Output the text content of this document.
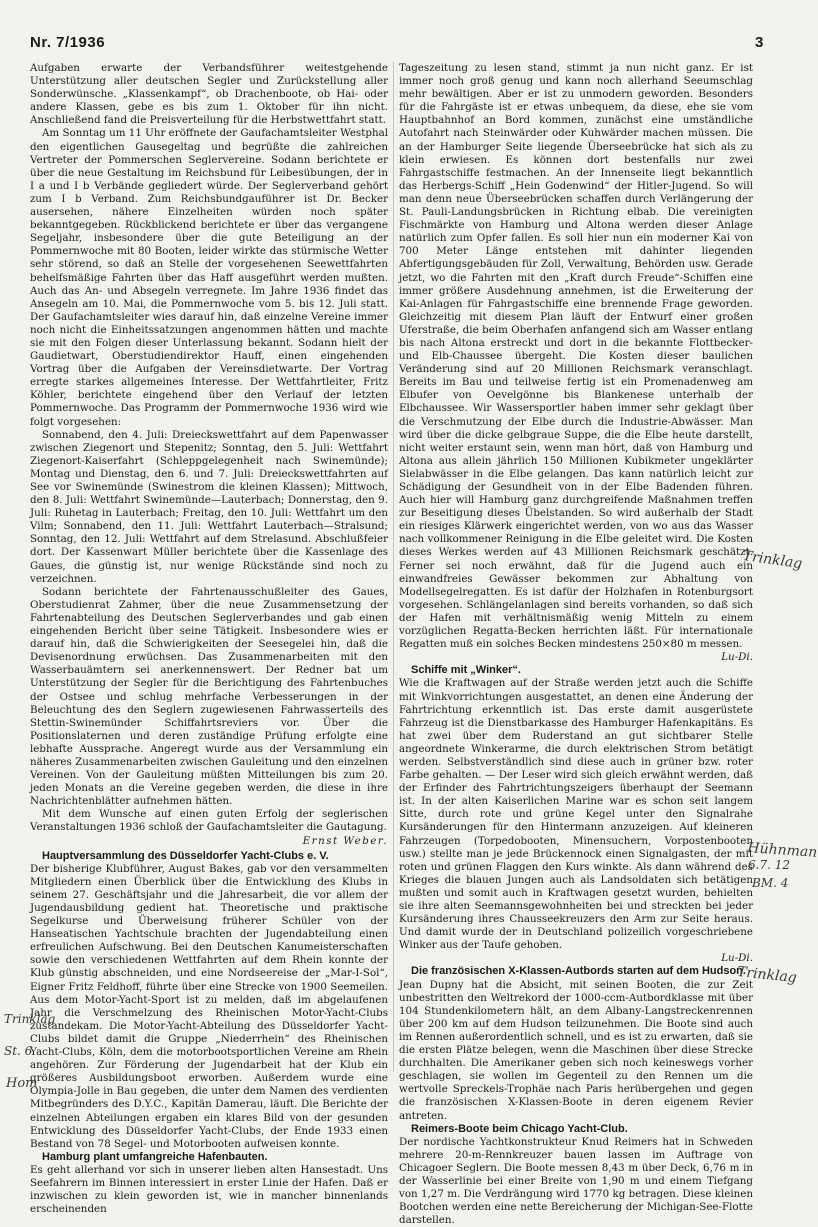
Nr. 7/1936	3

Aufgaben erwarte der Verbandsführer weitestgehende Unterstützung aller deutschen Segler und Zurückstellung aller Sonderwünsche. „Klassenkampf“, ob Drachenboote, ob Hai- oder andere Klassen, gebe es bis zum 1. Oktober für ihn nicht. Anschließend fand die Preisverteilung für die Herbstwettfahrt statt.

Am Sonntag um 11 Uhr eröffnete der Gaufachamtsleiter Westphal den eigentlichen Gausegeltag und begrüßte die zahlreichen Vertreter der Pommerschen Seglervereine. Sodann berichtete er über die neue Gestaltung im Reichsbund für Leibesübungen, der in I a und I b Verbände gegliedert würde. Der Seglerverband gehört zum I b Verband. Zum Reichsbundgauführer ist Dr. Becker ausersehen, nähere Einzelheiten würden noch später bekanntgegeben. Rückblickend berichtete er über das vergangene Segeljahr, insbesondere über die gute Beteiligung an der Pommernwoche mit 80 Booten, leider wirkte das stürmische Wetter sehr störend, so daß an Stelle der vorgesehenen Seewettfahrten behelfsmäßige Fahrten über das Haff ausgeführt werden mußten. Auch das An- und Absegeln verregnete. Im Jahre 1936 findet das Ansegeln am 10. Mai, die Pommernwoche vom 5. bis 12. Juli statt. Der Gaufachamtsleiter wies darauf hin, daß einzelne Vereine immer noch nicht die Einheitssatzungen angenommen hätten und machte sie mit den Folgen dieser Unterlassung bekannt. Sodann hielt der Gaudietwart, Oberstudiendirektor Hauff, einen eingehenden Vortrag über die Aufgaben der Vereinsdietwarte. Der Vortrag erregte starkes allgemeines Interesse. Der Wettfahrtleiter, Fritz Köhler, berichtete eingehend über den Verlauf der letzten Pommernwoche. Das Programm der Pommernwoche 1936 wird wie folgt vorgesehen:

Sonnabend, den 4. Juli: Dreieckswettfahrt auf dem Papenwasser zwischen Ziegenort und Stepenitz; Sonntag, den 5. Juli: Wettfahrt Ziegenort-Kaiserfahrt (Schleppgelegenheit nach Swinemünde); Montag und Dienstag, den 6. und 7. Juli: Dreieckswettfahrten auf See vor Swinemünde (Swinestrom die kleinen Klassen); Mittwoch, den 8. Juli: Wettfahrt Swinemünde—Lauterbach; Donnerstag, den 9. Juli: Ruhetag in Lauterbach; Freitag, den 10. Juli: Wettfahrt um den Vilm; Sonnabend, den 11. Juli: Wettfahrt Lauterbach—Stralsund; Sonntag, den 12. Juli: Wettfahrt auf dem Strelasund. Abschlußfeier dort. Der Kassenwart Müller berichtete über die Kassenlage des Gaues, die günstig ist, nur wenige Rückstände sind noch zu verzeichnen.

Sodann berichtete der Fahrtenausschußleiter des Gaues, Oberstudienrat Zahmer, über die neue Zusammensetzung der Fahrtenabteilung des Deutschen Seglerverbandes und gab einen eingehenden Bericht über seine Tätigkeit. Insbesondere wies er darauf hin, daß die Schwierigkeiten der Seesegelei hin, daß die Devisenordnung erwüchsen. Das Zusammenarbeiten mit den Wasserbauämtern sei anerkennenswert. Der Redner bat um Unterstützung der Segler für die Berichtigung des Fahrtenbuches der Ostsee und schlug mehrfache Verbesserungen in der Beleuchtung des den Seglern zugewiesenen Fahrwasserteils des Stettin-Swinemünder Schiffahrtsreviers vor. Über die Positionslaternen und deren zuständige Prüfung erfolgte eine lebhafte Aussprache. Angeregt wurde aus der Versammlung ein näheres Zusammenarbeiten zwischen Gauleitung und den einzelnen Vereinen. Von der Gauleitung müßten Mitteilungen bis zum 20. jeden Monats an die Vereine gegeben werden, die diese in ihre Nachrichtenblätter aufnehmen hätten.

Mit dem Wunsche auf einen guten Erfolg der seglerischen Veranstaltungen 1936 schloß der Gaufachamtsleiter die Gautagung.

Ernst Weber.

Hauptversammlung des Düsseldorfer Yacht-Clubs e. V.

Der bisherige Klubführer, August Bakes, gab vor den versammelten Mitgliedern einen Überblick über die Entwicklung des Klubs in seinem 27. Geschäftsjahr und die Jahresarbeit, die vor allem der Jugendausbildung gedient hat. Theoretische und praktische Segelkurse und Überweisung früherer Schüler von der Hanseatischen Yachtschule brachten der Jugendabteilung einen erfreulichen Aufschwung. Bei den Deutschen Kanumeisterschaften sowie den verschiedenen Wettfahrten auf dem Rhein konnte der Klub günstig abschneiden, und eine Nordseereise der „Mar-I-Sol“, Eigner Fritz Feldhoff, führte über eine Strecke von 1900 Seemeilen. Aus dem Motor-Yacht-Sport ist zu melden, daß im abgelaufenen Jahr die Verschmelzung des Rheinischen Motor-Yacht-Clubs zustandekam. Die Motor-Yacht-Abteilung des Düsseldorfer Yacht-Clubs bildet damit die Gruppe „Niederrhein“ des Rheinischen Yacht-Clubs, Köln, dem die motorbootsportlichen Vereine am Rhein angehören. Zur Förderung der Jugendarbeit hat der Klub ein größeres Ausbildungsboot erworben. Außerdem wurde eine Olympia-Jolle in Bau gegeben, die unter dem Namen des verdienten Mitbegründers des D.Y.C., Kapitän Damerau, läuft. Die Berichte der einzelnen Abteilungen ergaben ein klares Bild von der gesunden Entwicklung des Düsseldorfer Yacht-Clubs, der Ende 1933 einen Bestand von 78 Segel- und Motorbooten aufweisen konnte.

Hamburg plant umfangreiche Hafenbauten.

Es geht allerhand vor sich in unserer lieben alten Hansestadt. Uns Seefahrern im Binnen interessiert in erster Linie der Hafen. Daß er inzwischen zu klein geworden ist, wie in mancher binnenlands erscheinenden

Tageszeitung zu lesen stand, stimmt ja nun nicht ganz. Er ist immer noch groß genug und kann noch allerhand Seeumschlag mehr bewältigen. Aber er ist zu unmodern geworden. Besonders für die Fahrgäste ist er etwas unbequem, da diese, ehe sie vom Hauptbahnhof an Bord kommen, zunächst eine umständliche Autofahrt nach Steinwärder oder Kuhwärder machen müssen. Die an der Hamburger Seite liegende Überseebrücke hat sich als zu klein erwiesen. Es können dort bestenfalls nur zwei Fahrgastschiffe festmachen. An der Innenseite liegt bekanntlich das Herbergs-Schiff „Hein Godenwind“ der Hitler-Jugend. So will man denn neue Überseebrücken schaffen durch Verlängerung der St. Pauli-Landungsbrücken in Richtung elbab. Die vereinigten Fischmärkte von Hamburg und Altona werden dieser Anlage natürlich zum Opfer fallen. Es soll hier nun ein moderner Kai von 700 Meter Länge entstehen mit dahinter liegenden Abfertigungsgebäuden für Zoll, Verwaltung, Behörden usw. Gerade jetzt, wo die Fahrten mit den „Kraft durch Freude“-Schiffen eine immer größere Ausdehnung annehmen, ist die Erweiterung der Kai-Anlagen für Fahrgastschiffe eine brennende Frage geworden. Gleichzeitig mit diesem Plan läuft der Entwurf einer großen Uferstraße, die beim Oberhafen anfangend sich am Wasser entlang bis nach Altona erstreckt und dort in die bekannte Flottbecker- und Elb-Chaussee übergeht. Die Kosten dieser baulichen Veränderung sind auf 20 Millionen Reichsmark veranschlagt. Bereits im Bau und teilweise fertig ist ein Promenadenweg am Elbufer von Oevelgönne bis Blankenese unterhalb der Elbchaussee. Wir Wassersportler haben immer sehr geklagt über die Verschmutzung der Elbe durch die Industrie-Abwässer. Man wird über die dicke gelbgraue Suppe, die die Elbe heute darstellt, nicht weiter erstaunt sein, wenn man hört, daß von Hamburg und Altona aus allein jährlich 150 Millionen Kubikmeter ungeklärter Sielabwässer in die Elbe gelangen. Das kann natürlich leicht zur Schädigung der Gesundheit von in der Elbe Badenden führen. Auch hier will Hamburg ganz durchgreifende Maßnahmen treffen zur Beseitigung dieses Übelstanden. So wird außerhalb der Stadt ein riesiges Klärwerk eingerichtet werden, von wo aus das Wasser nach vollkommener Reinigung in die Elbe geleitet wird. Die Kosten dieses Werkes werden auf 43 Millionen Reichsmark geschätzt. Ferner sei noch erwähnt, daß für die Jugend auch ein einwandfreies Gewässer bekommen zur Abhaltung von Modellsegelregatten. Es ist dafür der Holzhafen in Rotenburgsort vorgesehen. Schlängelanlagen sind bereits vorhanden, so daß sich der Hafen mit verhältnismäßig wenig Mitteln zu einem vorzüglichen Regatta-Becken herrichten läßt. Für internationale Regatten muß ein solches Becken mindestens 250×80 m messen.

Lu-Di.

Schiffe mit „Winker“.

Wie die Kraftwagen auf der Straße werden jetzt auch die Schiffe mit Winkvorrichtungen ausgestattet, an denen eine Änderung der Fahrtrichtung erkenntlich ist. Das erste damit ausgerüstete Fahrzeug ist die Dienstbarkasse des Hamburger Hafenkapitäns. Es hat zwei über dem Ruderstand an gut sichtbarer Stelle angeordnete Winkerarme, die durch elektrischen Strom betätigt werden. Selbstverständlich sind diese auch in grüner bzw. roter Farbe gehalten. — Der Leser wird sich gleich erwähnt werden, daß der Erfinder des Fahrtrichtungszeigers überhaupt der Seemann ist. In der alten Kaiserlichen Marine war es schon seit langem Sitte, durch rote und grüne Kegel unter den Signalrahe Kursänderungen für den Hintermann anzuzeigen. Auf kleineren Fahrzeugen (Torpedobooten, Minensuchern, Vorpostenbooten usw.) stellte man je jede Brückennock einen Signalgasten, der mit roten und grünen Flaggen den Kurs winkte. Als dann während des Krieges die blauen Jungen auch als Landsoldaten sich betätigen mußten und somit auch in Kraftwagen gesetzt wurden, behielten sie ihre alten Seemannsgewohnheiten bei und streckten bei jeder Kursänderung ihres Chausseekreuzers den Arm zur Seite heraus. Und damit wurde der in Deutschland polizeilich vorgeschriebene Winker aus der Taufe gehoben.

Lu-Di.

Die französischen X-Klassen-Autbords starten auf dem Hudson.

Jean Dupny hat die Absicht, mit seinen Booten, die zur Zeit unbestritten den Weltrekord der 1000-ccm-Autbordklasse mit über 104 Stundenkilometern hält, an dem Albany-Langstreckenrennen über 200 km auf dem Hudson teilzunehmen. Die Boote sind auch im Rennen außerordentlich schnell, und es ist zu erwarten, daß sie die ersten Plätze belegen, wenn die Maschinen über diese Strecke durchhalten. Die Amerikaner geben sich noch keineswegs vorher geschlagen, sie wollen im Gegenteil zu den Rennen um die wertvolle Spreckels-Trophäe nach Paris herübergehen und gegen die französischen X-Klassen-Boote in deren eigenem Revier antreten.

Reimers-Boote beim Chicago Yacht-Club.

Der nordische Yachtkonstrukteur Knud Reimers hat in Schweden mehrere 20-m-Rennkreuzer bauen lassen im Auftrage von Chicagoer Seglern. Die Boote messen 8,43 m über Deck, 6,76 m in der Wasserlinie bei einer Breite von 1,90 m und einem Tiefgang von 1,27 m. Die Verdrängung wird 1770 kg betragen. Diese kleinen Bootchen werden eine nette Bereicherung der Michigan-See-Flotte darstellen.

Trinklag
Hühnman
6.7. 12
BM. 4
Trinklag
Trinklag
St. 6
Hom
